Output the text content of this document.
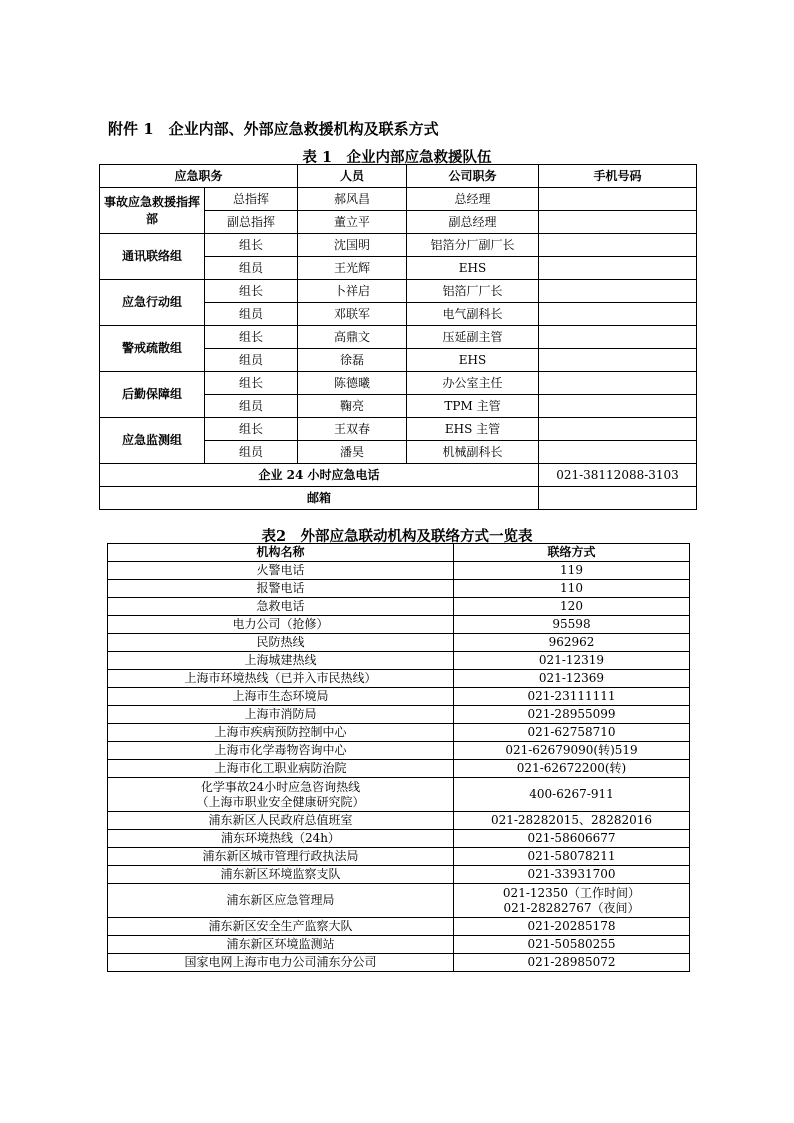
附件 1　企业内部、外部应急救援机构及联系方式
表 1　企业内部应急救援队伍
应急职务		人员	公司职务	手机号码
事故应急救援指挥部	总指挥	郝风昌	总经理	
	副总指挥	董立平	副总经理	
通讯联络组	组长	沈国明	铝箔分厂副厂长	
	组员	王光辉	EHS	
应急行动组	组长	卜祥启	铝箔厂厂长	
	组员	邓联军	电气副科长	
警戒疏散组	组长	高鼎文	压延副主管	
	组员	徐磊	EHS	
后勤保障组	组长	陈德曦	办公室主任	
	组员	鞠亮	TPM 主管	
应急监测组	组长	王双春	EHS 主管	
	组员	潘昊	机械副科长	
企业 24 小时应急电话				021-38112088-3103
邮箱				
表2　外部应急联动机构及联络方式一览表
机构名称	联络方式
火警电话	119
报警电话	110
急救电话	120
电力公司（抢修）	95598
民防热线	962962
上海城建热线	021-12319
上海市环境热线（已并入市民热线）	021-12369
上海市生态环境局	021-23111111
上海市消防局	021-28955099
上海市疾病预防控制中心	021-62758710
上海市化学毒物咨询中心	021-62679090(转)519
上海市化工职业病防治院	021-62672200(转)
化学事故24小时应急咨询热线
（上海市职业安全健康研究院）	400-6267-911
浦东新区人民政府总值班室	021-28282015、28282016
浦东环境热线（24h）	021-58606677
浦东新区城市管理行政执法局	021-58078211
浦东新区环境监察支队	021-33931700
浦东新区应急管理局	021-12350（工作时间）
021-28282767（夜间）
浦东新区安全生产监察大队	021-20285178
浦东新区环境监测站	021-50580255
国家电网上海市电力公司浦东分公司	021-28985072
